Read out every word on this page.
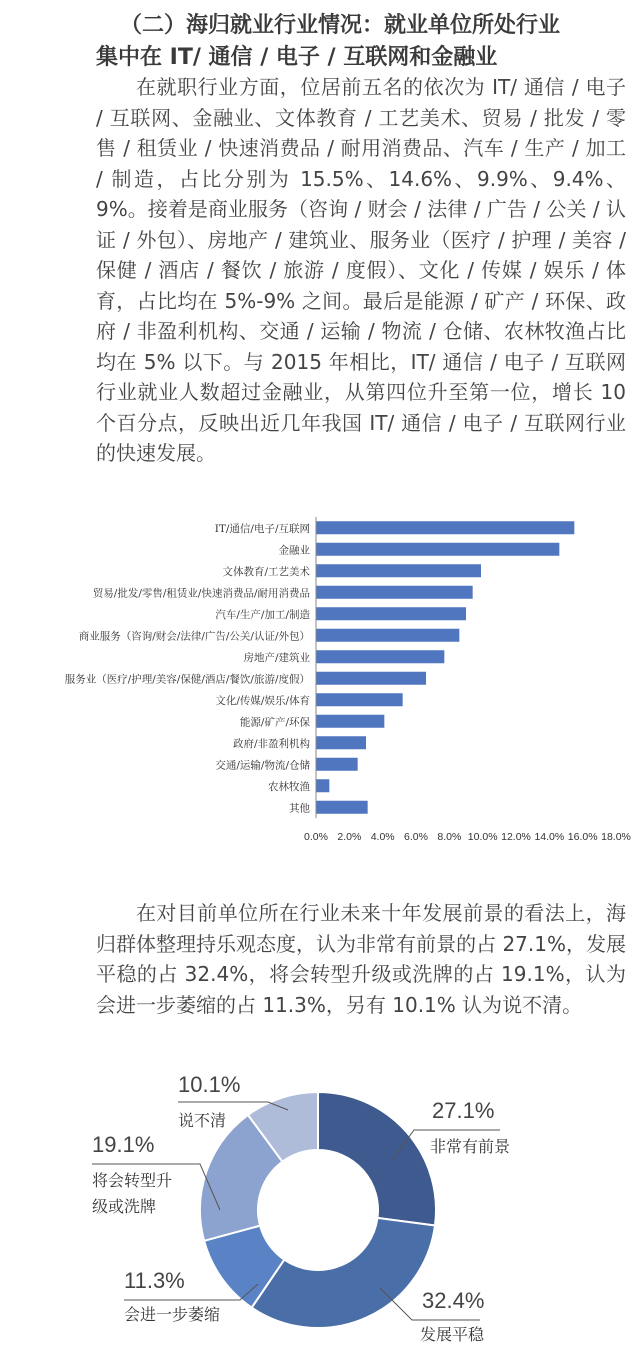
（二）海归就业行业情况：就业单位所处行业
集中在 IT/ 通信 / 电子 / 互联网和金融业

在就职行业方面，位居前五名的依次为 IT/ 通信 / 电子 / 互联网、金融业、文体教育 / 工艺美术、贸易 / 批发 / 零售 / 租赁业 / 快速消费品 / 耐用消费品、汽车 / 生产 / 加工 / 制造，占比分别为 15.5%、14.6%、9.9%、9.4%、9%。接着是商业服务（咨询 / 财会 / 法律 / 广告 / 公关 / 认证 / 外包）、房地产 / 建筑业、服务业（医疗 / 护理 / 美容 / 保健 / 酒店 / 餐饮 / 旅游 / 度假）、文化 / 传媒 / 娱乐 / 体育，占比均在 5%-9% 之间。最后是能源 / 矿产 / 环保、政府 / 非盈利机构、交通 / 运输 / 物流 / 仓储、农林牧渔占比均在 5% 以下。与 2015 年相比，IT/ 通信 / 电子 / 互联网行业就业人数超过金融业，从第四位升至第一位，增长 10 个百分点，反映出近几年我国 IT/ 通信 / 电子 / 互联网行业的快速发展。

IT/通信/电子/互联网
金融业
文体教育/工艺美术
贸易/批发/零售/租赁业/快速消费品/耐用消费品
汽车/生产/加工/制造
商业服务（咨询/财会/法律/广告/公关/认证/外包）
房地产/建筑业
服务业（医疗/护理/美容/保健/酒店/餐饮/旅游/度假）
文化/传媒/娱乐/体育
能源/矿产/环保
政府/非盈利机构
交通/运输/物流/仓储
农林牧渔
其他
0.0% 2.0% 4.0% 6.0% 8.0% 10.0% 12.0% 14.0% 16.0% 18.0%

在对目前单位所在行业未来十年发展前景的看法上，海归群体整理持乐观态度，认为非常有前景的占 27.1%，发展平稳的占 32.4%，将会转型升级或洗牌的占 19.1%，认为会进一步萎缩的占 11.3%，另有 10.1% 认为说不清。

27.1%
非常有前景
32.4%
发展平稳
11.3%
会进一步萎缩
19.1%
将会转型升级或洗牌
10.1%
说不清
